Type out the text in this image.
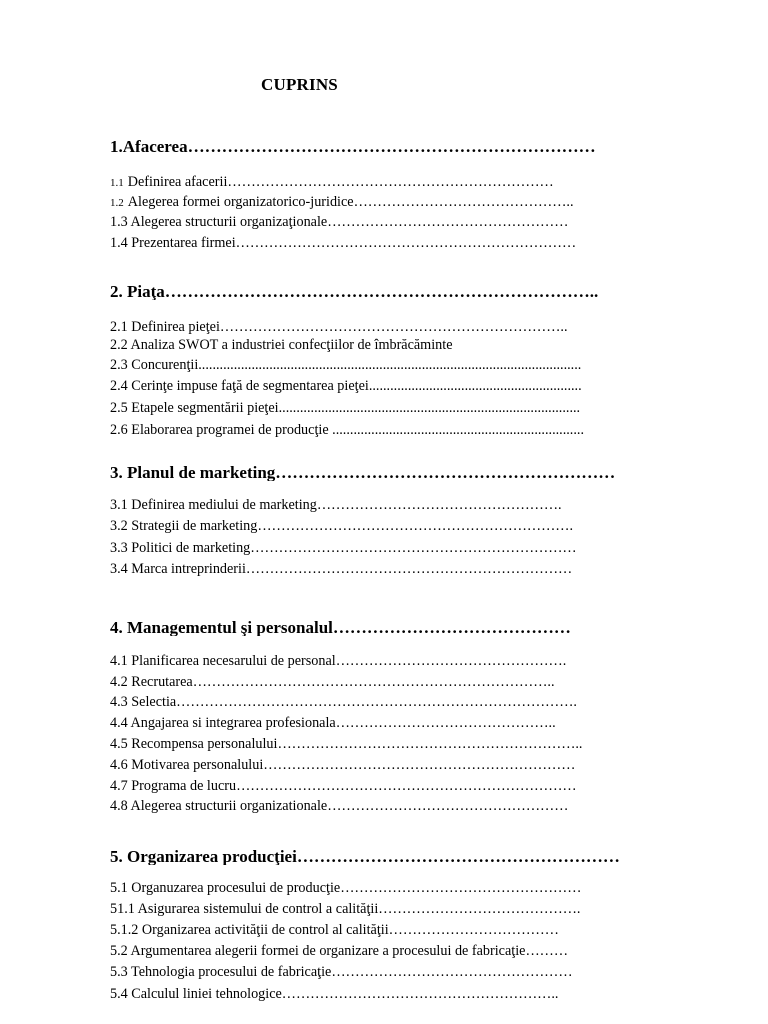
CUPRINS
1.Afacerea………………………………………………………………
1.1 Definirea afacerii……………………………………………………………
1.2 Alegerea formei organizatorico-juridice………………………………………..
1.3 Alegerea structurii organizaţionale……………………………………………
1.4 Prezentarea firmei………………………………………………………………
2. Piaţa…………………………………………………………………..
2.1 Definirea pieţei………………………………………………………………..
2.2 Analiza SWOT a industriei confecţiilor de îmbrăcăminte
2.3 Concurenţii............................................................................................................
2.4 Cerinţe impuse faţă de segmentarea pieţei............................................................
2.5 Etapele segmentării pieţei.....................................................................................
2.6 Elaborarea programei de producţie .......................................................................
3. Planul de marketing……………………………………………………
3.1 Definirea mediului de marketing…………………………………………….
3.2 Strategii de marketing………………………………………………………….
3.3 Politici de marketing……………………………………………………………
3.4 Marca intreprinderii……………………………………………………………
4. Managementul şi personalul……………………………………
4.1 Planificarea necesarului de personal………………………………………….
4.2 Recrutarea…………………………………………………………………..
4.3 Selectia………………………………………………………………………….
4.4 Angajarea si integrarea profesionala………………………………………..
4.5 Recompensa personalului………………………………………………………..
4.6 Motivarea personalului…………………………………………………………
4.7 Programa de lucru………………………………………………………………
4.8 Alegerea structurii organizationale……………………………………………
5. Organizarea producţiei…………………………………………………
5.1 Organuzarea procesului de producţie……………………………………………
51.1 Asigurarea sistemului de control a calităţii…………………………………….
5.1.2 Organizarea activităţii de control al calităţii………………………………
5.2 Argumentarea alegerii formei de organizare a procesului de fabricaţie………
5.3 Tehnologia procesului de fabricaţie……………………………………………
5.4 Calculul liniei tehnologice…………………………………………………..
